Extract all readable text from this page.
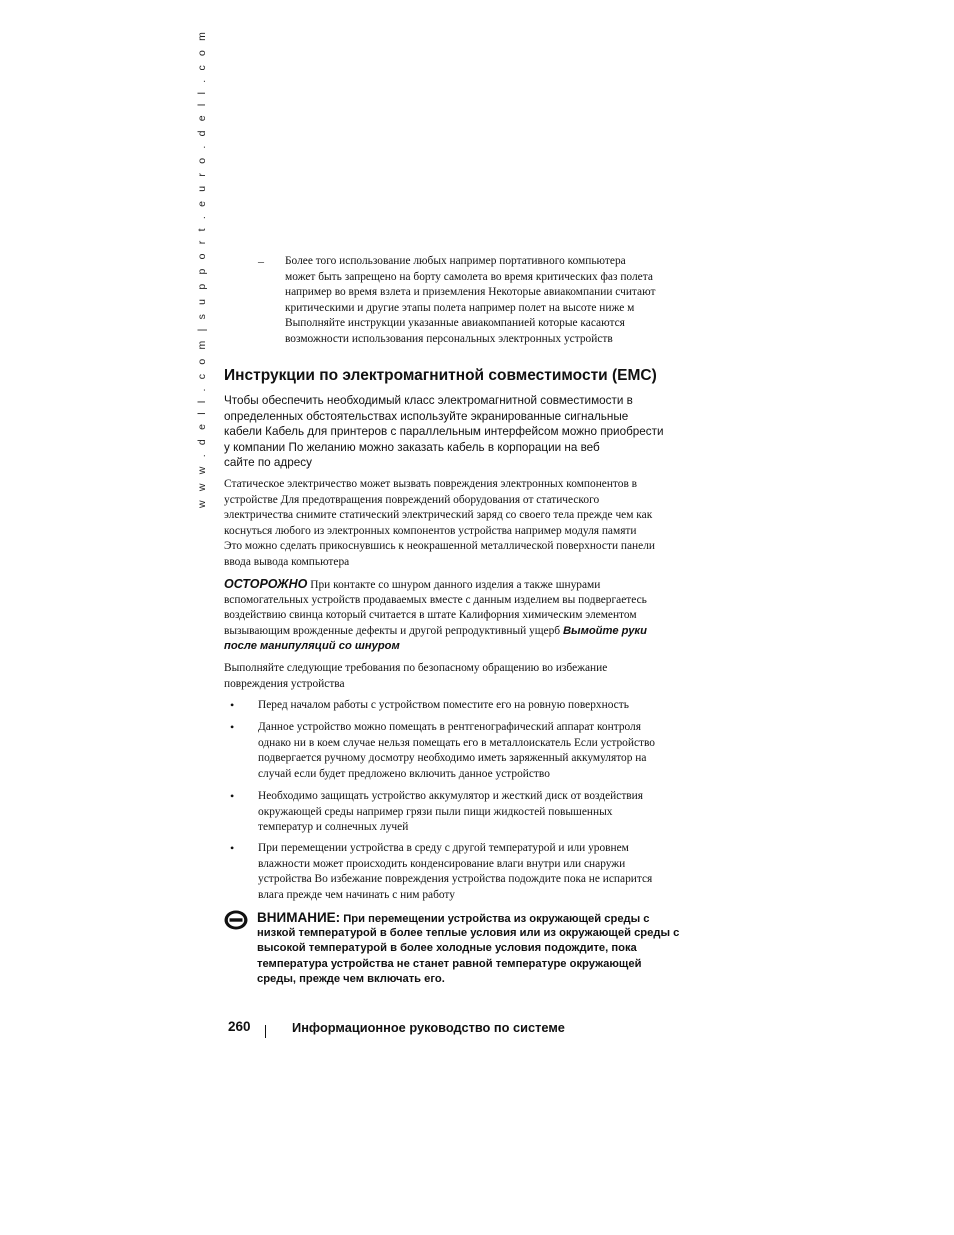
w w w . d e l l . c o m | s u p p o r t . e u r o . d e l l . c o m	– Более того использование любых например портативного компьютера
может быть запрещено на борту самолета во время критических фаз полета
например во время взлета и приземления Некоторые авиакомпании считают
критическими и другие этапы полета например полет на высоте ниже м
Выполняйте инструкции указанные авиакомпанией которые касаются
возможности использования персональных электронных устройств
Инструкции по электромагнитной совместимости (EMC)
Чтобы обеспечить необходимый класс электромагнитной совместимости в
определенных обстоятельствах используйте экранированные сигнальные
кабели Кабель для принтеров с параллельным интерфейсом можно приобрести
у компании По желанию можно заказать кабель в корпорации на веб
сайте по адресу
Статическое электричество может вызвать повреждения электронных компонентов в
устройстве Для предотвращения повреждений оборудования от статического
электричества снимите статический электрический заряд со своего тела прежде чем как
коснуться любого из электронных компонентов устройства например модуля памяти
Это можно сделать прикоснувшись к неокрашенной металлической поверхности панели
ввода вывода компьютера
ОСТОРОЖНО При контакте со шнуром данного изделия а также шнурами
вспомогательных устройств продаваемых вместе с данным изделием вы подвергаетесь
воздействию свинца который считается в штате Калифорния химическим элементом
вызывающим врожденные дефекты и другой репродуктивный ущерб Вымойте руки
после манипуляций со шнуром
Выполняйте следующие требования по безопасному обращению во избежание
повреждения устройства
• Перед началом работы с устройством поместите его на ровную поверхность
• Данное устройство можно помещать в рентгенографический аппарат контроля
однако ни в коем случае нельзя помещать его в металлоискатель Если устройство
подвергается ручному досмотру необходимо иметь заряженный аккумулятор на
случай если будет предложено включить данное устройство
• Необходимо защищать устройство аккумулятор и жесткий диск от воздействия
окружающей среды например грязи пыли пищи жидкостей повышенных
температур и солнечных лучей
• При перемещении устройства в среду с другой температурой и или уровнем
влажности может происходить конденсирование влаги внутри или снаружи
устройства Во избежание повреждения устройства подождите пока не испарится
влага прежде чем начинать с ним работу
ВНИМАНИЕ: При перемещении устройства из окружающей среды с
низкой температурой в более теплые условия или из окружающей среды с
высокой температурой в более холодные условия подождите, пока
температура устройства не станет равной температуре окружающей
среды, прежде чем включать его.
260	Информационное руководство по системе
